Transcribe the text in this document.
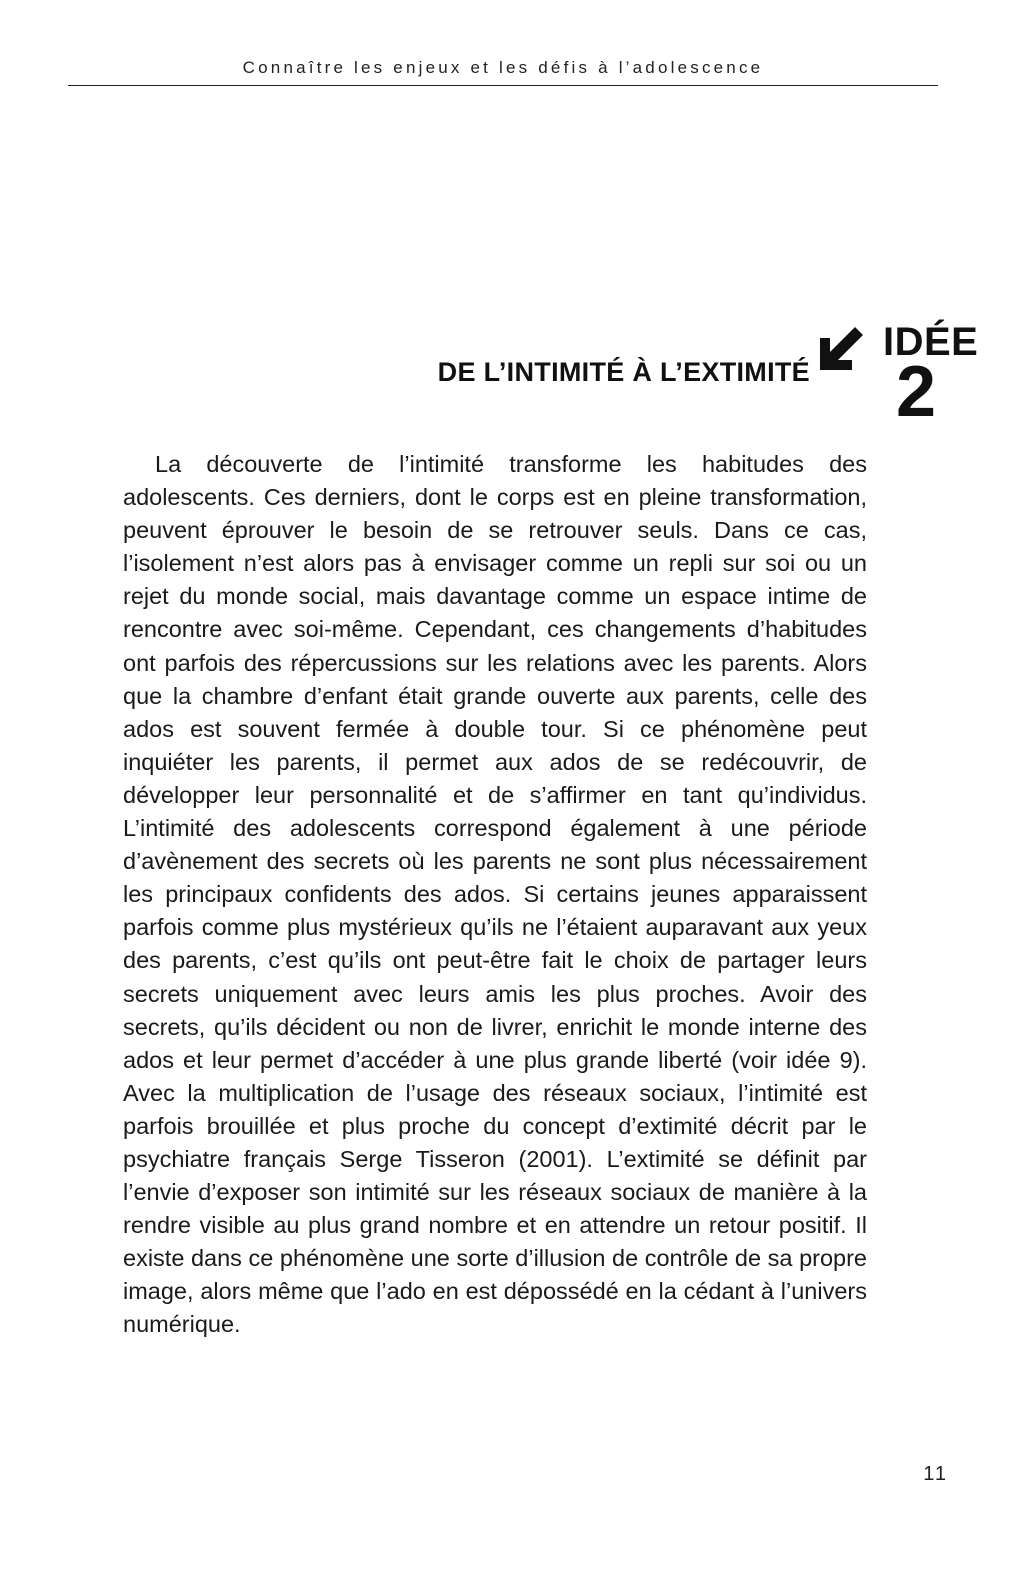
Connaître les enjeux et les défis à l’adolescence
DE L’INTIMITÉ À L’EXTIMITÉ
IDÉE
2

La découverte de l’intimité transforme les habitudes des adolescents. Ces derniers, dont le corps est en pleine transformation, peuvent éprouver le besoin de se retrouver seuls. Dans ce cas, l’isolement n’est alors pas à envisager comme un repli sur soi ou un rejet du monde social, mais davantage comme un espace intime de rencontre avec soi-même. Cependant, ces changements d’habitudes ont parfois des répercussions sur les relations avec les parents. Alors que la chambre d’enfant était grande ouverte aux parents, celle des ados est souvent fermée à double tour. Si ce phénomène peut inquiéter les parents, il permet aux ados de se redécouvrir, de développer leur personnalité et de s’affirmer en tant qu’individus. L’intimité des adolescents correspond également à une période d’avènement des secrets où les parents ne sont plus nécessairement les principaux confidents des ados. Si certains jeunes apparaissent parfois comme plus mystérieux qu’ils ne l’étaient auparavant aux yeux des parents, c’est qu’ils ont peut-être fait le choix de partager leurs secrets uniquement avec leurs amis les plus proches. Avoir des secrets, qu’ils décident ou non de livrer, enrichit le monde interne des ados et leur permet d’accéder à une plus grande liberté (voir idée 9). Avec la multiplication de l’usage des réseaux sociaux, l’intimité est parfois brouillée et plus proche du concept d’extimité décrit par le psychiatre français Serge Tisseron (2001). L’extimité se définit par l’envie d’exposer son intimité sur les réseaux sociaux de manière à la rendre visible au plus grand nombre et en attendre un retour positif. Il existe dans ce phénomène une sorte d’illusion de contrôle de sa propre image, alors même que l’ado en est dépossédé en la cédant à l’univers numérique.

11
